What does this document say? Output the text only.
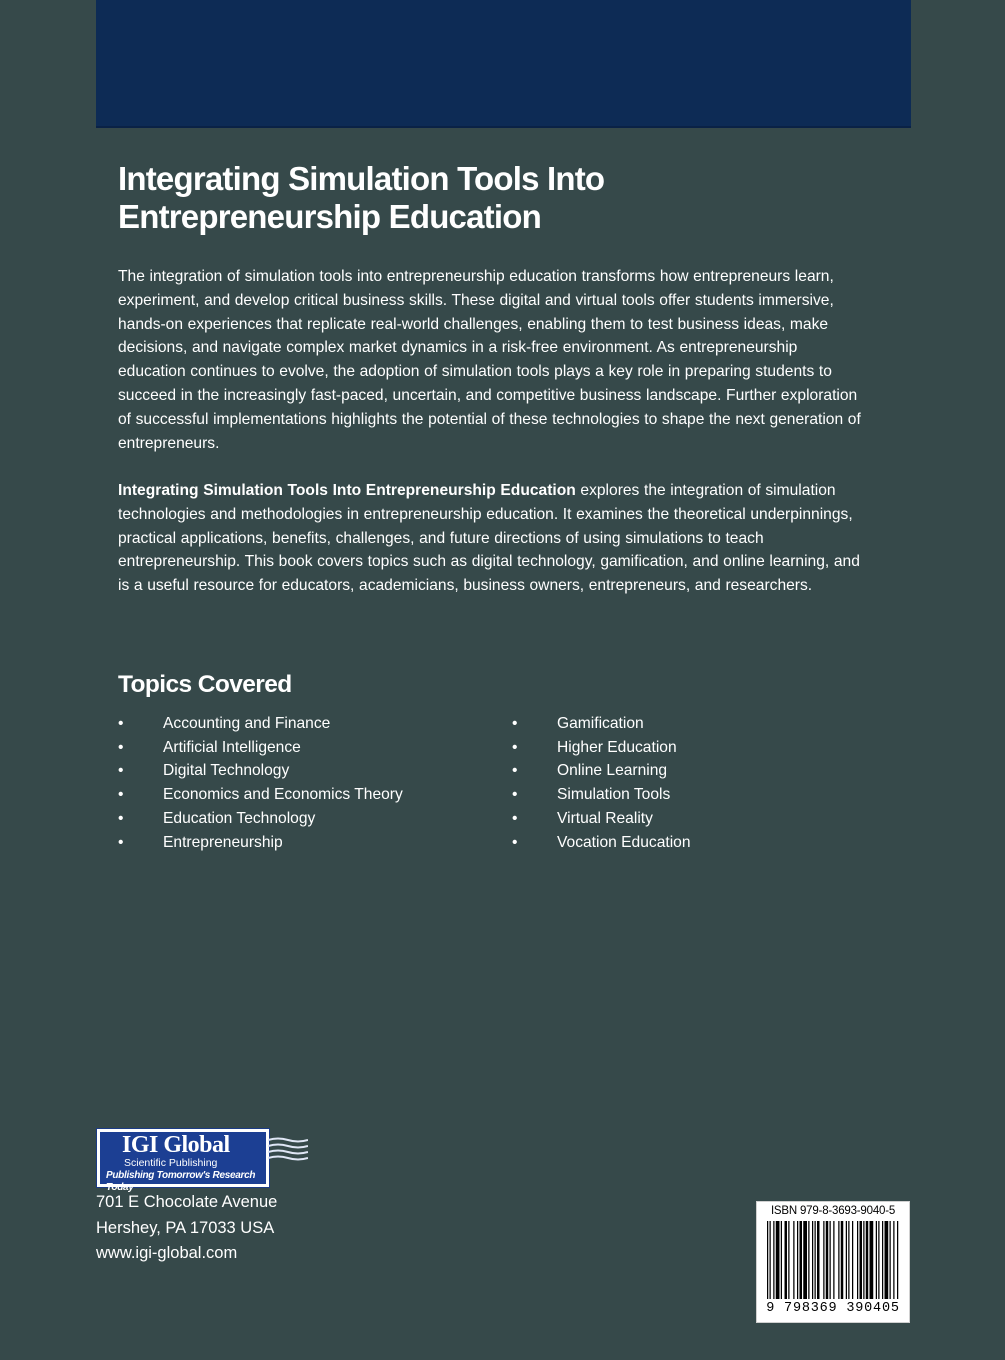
Integrating Simulation Tools Into
Entrepreneurship Education

The integration of simulation tools into entrepreneurship education transforms how entrepreneurs learn, experiment, and develop critical business skills. These digital and virtual tools offer students immersive, hands-on experiences that replicate real-world challenges, enabling them to test business ideas, make decisions, and navigate complex market dynamics in a risk-free environment. As entrepreneurship education continues to evolve, the adoption of simulation tools plays a key role in preparing students to succeed in the increasingly fast-paced, uncertain, and competitive business landscape. Further exploration of successful implementations highlights the potential of these technologies to shape the next generation of entrepreneurs.

Integrating Simulation Tools Into Entrepreneurship Education explores the integration of simulation technologies and methodologies in entrepreneurship education. It examines the theoretical underpinnings, practical applications, benefits, challenges, and future directions of using simulations to teach entrepreneurship. This book covers topics such as digital technology, gamification, and online learning, and is a useful resource for educators, academicians, business owners, entrepreneurs, and researchers.

Topics Covered
•	Accounting and Finance
•	Artificial Intelligence
•	Digital Technology
•	Economics and Economics Theory
•	Education Technology
•	Entrepreneurship
•	Gamification
•	Higher Education
•	Online Learning
•	Simulation Tools
•	Virtual Reality
•	Vocation Education
IGI Global
Scientific Publishing
Publishing Tomorrow's Research Today

701 E Chocolate Avenue
Hershey, PA 17033 USA
www.igi-global.com

ISBN 979-8-3693-9040-5
9 798369 390405
